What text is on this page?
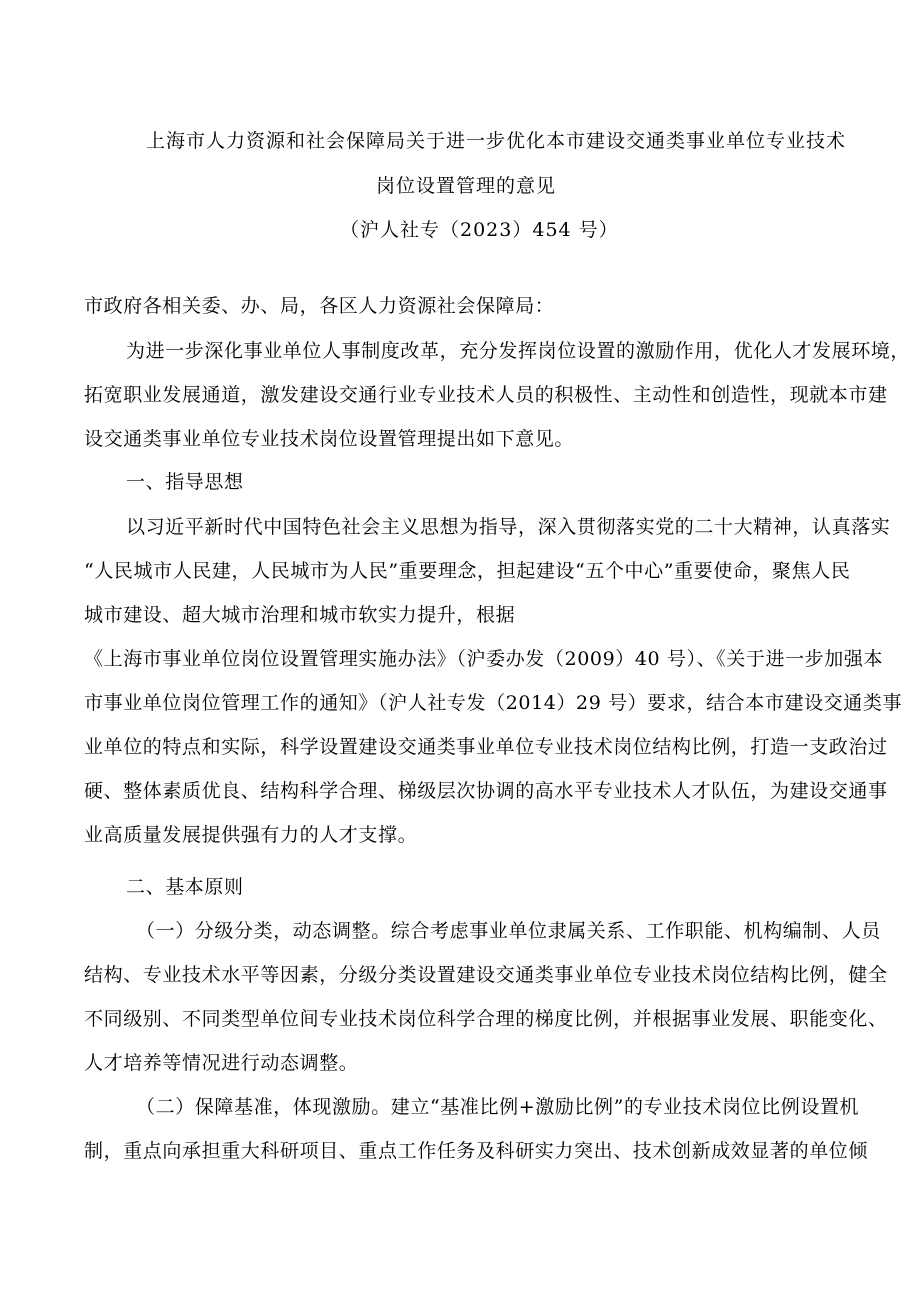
上海市人力资源和社会保障局关于进一步优化本市建设交通类事业单位专业技术
岗位设置管理的意见
（沪人社专（2023）454 号）
市政府各相关委、办、局，各区人力资源社会保障局：
为进一步深化事业单位人事制度改革，充分发挥岗位设置的激励作用，优化人才发展环境，
拓宽职业发展通道，激发建设交通行业专业技术人员的积极性、主动性和创造性，现就本市建
设交通类事业单位专业技术岗位设置管理提出如下意见。
一、指导思想
以习近平新时代中国特色社会主义思想为指导，深入贯彻落实党的二十大精神，认真落实
“人民城市人民建，人民城市为人民”重要理念，担起建设“五个中心”重要使命，聚焦人民
城市建设、超大城市治理和城市软实力提升，根据
《上海市事业单位岗位设置管理实施办法》（沪委办发（2009）40 号）、《关于进一步加强本
市事业单位岗位管理工作的通知》（沪人社专发（2014）29 号）要求，结合本市建设交通类事
业单位的特点和实际，科学设置建设交通类事业单位专业技术岗位结构比例，打造一支政治过
硬、整体素质优良、结构科学合理、梯级层次协调的高水平专业技术人才队伍，为建设交通事
业高质量发展提供强有力的人才支撑。
二、基本原则
（一）分级分类，动态调整。综合考虑事业单位隶属关系、工作职能、机构编制、人员
结构、专业技术水平等因素，分级分类设置建设交通类事业单位专业技术岗位结构比例，健全
不同级别、不同类型单位间专业技术岗位科学合理的梯度比例，并根据事业发展、职能变化、
人才培养等情况进行动态调整。
（二）保障基准，体现激励。建立“基准比例+激励比例”的专业技术岗位比例设置机
制，重点向承担重大科研项目、重点工作任务及科研实力突出、技术创新成效显著的单位倾
